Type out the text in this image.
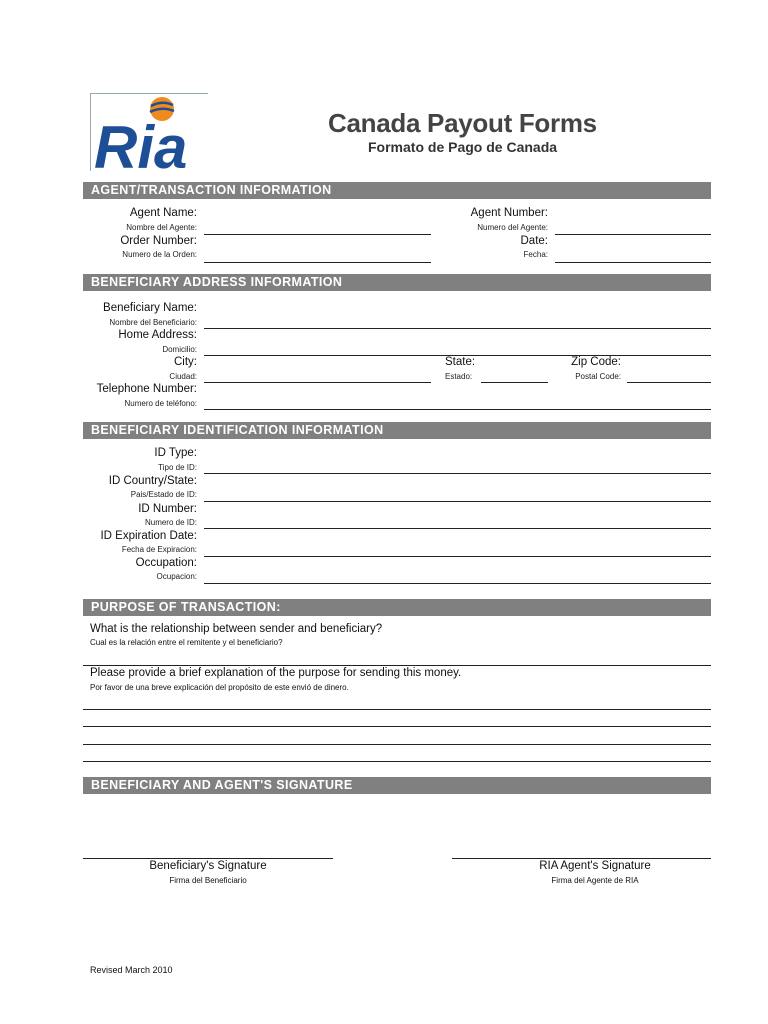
Ria	Canada Payout Forms
Formato de Pago de Canada
AGENT/TRANSACTION INFORMATION
Agent Name:
Nombre del Agente:
Agent Number:
Numero del Agente:
Order Number:
Numero de la Orden:
Date:
Fecha:
BENEFICIARY ADDRESS INFORMATION
Beneficiary Name:
Nombre del Beneficiario:
Home Address:
Domicilio:
City:
Ciudad:
State:
Estado:
Zip Code:
Postal Code:
Telephone Number:
Numero de teléfono:
BENEFICIARY IDENTIFICATION INFORMATION
ID Type:
Tipo de ID:
ID Country/State:
Pais/Estado de ID:
ID Number:
Numero de ID:
ID Expiration Date:
Fecha de Expiracion:
Occupation:
Ocupacion:
PURPOSE OF TRANSACTION:
What is the relationship between sender and beneficiary?
Cual es la relación entre el remitente y el beneficiario?
Please provide a brief explanation of the purpose for sending this money.
Por favor de una breve explicación del propósito de este envió de dinero.
BENEFICIARY AND AGENT'S SIGNATURE
Beneficiary's Signature
Firma del Beneficiario
RIA Agent's Signature
Firma del Agente de RIA
Revised March 2010
